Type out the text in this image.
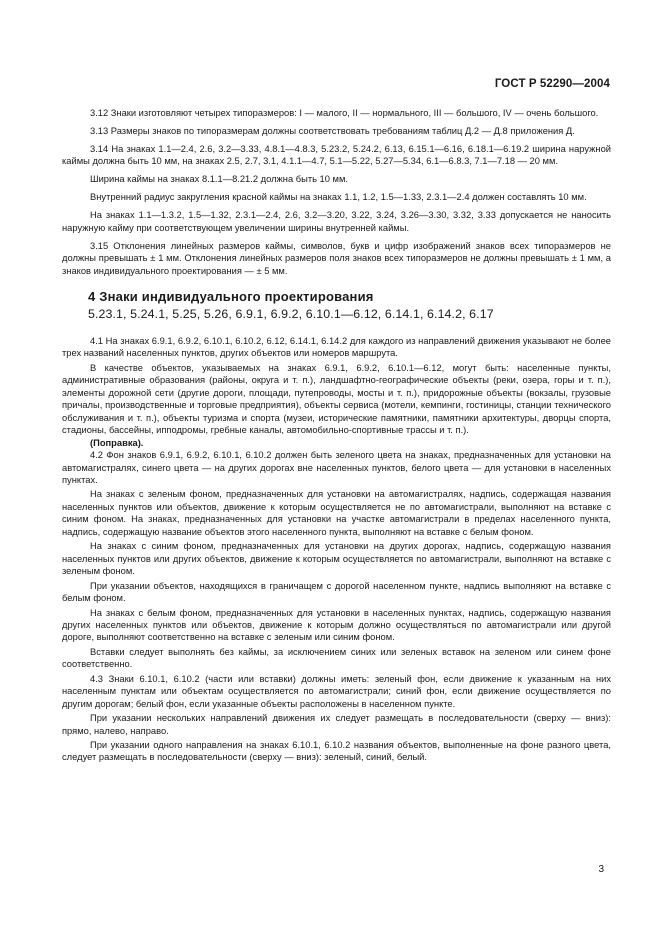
ГОСТ Р 52290—2004

3.12 Знаки изготовляют четырех типоразмеров: I — малого, II — нормального, III — большого, IV — очень большого.

3.13 Размеры знаков по типоразмерам должны соответствовать требованиям таблиц Д.2 — Д.8 приложения Д.

3.14 На знаках 1.1—2.4, 2.6, 3.2—3.33, 4.8.1—4.8.3, 5.23.2, 5.24.2, 6.13, 6.15.1—6.16, 6.18.1—6.19.2 ширина наружной каймы должна быть 10 мм, на знаках 2.5, 2.7, 3.1, 4.1.1—4.7, 5.1—5.22, 5.27—5.34, 6.1—6.8.3, 7.1—7.18 — 20 мм.

Ширина каймы на знаках 8.1.1—8.21.2 должна быть 10 мм.

Внутренний радиус закругления красной каймы на знаках 1.1, 1.2, 1.5—1.33, 2.3.1—2.4 должен составлять 10 мм.

На знаках 1.1—1.3.2, 1.5—1.32, 2.3.1—2.4, 2.6, 3.2—3.20, 3.22, 3.24, 3.26—3.30, 3.32, 3.33 допускается не наносить наружную кайму при соответствующем увеличении ширины внутренней каймы.

3.15 Отклонения линейных размеров каймы, символов, букв и цифр изображений знаков всех типоразмеров не должны превышать ± 1 мм. Отклонения линейных размеров поля знаков всех типоразмеров не должны превышать ± 1 мм, а знаков индивидуального проектирования — ± 5 мм.

4 Знаки индивидуального проектирования
5.23.1, 5.24.1, 5.25, 5.26, 6.9.1, 6.9.2, 6.10.1—6.12, 6.14.1, 6.14.2, 6.17

4.1 На знаках 6.9.1, 6.9.2, 6.10.1, 6.10.2, 6.12, 6.14.1, 6.14.2 для каждого из направлений движения указывают не более трех названий населенных пунктов, других объектов или номеров маршрута.

В качестве объектов, указываемых на знаках 6.9.1, 6.9.2, 6.10.1—6.12, могут быть: населенные пункты, административные образования (районы, округа и т. п.), ландшафтно-географические объекты (реки, озера, горы и т. п.), элементы дорожной сети (другие дороги, площади, путепроводы, мосты и т. п.), придорожные объекты (вокзалы, грузовые причалы, производственные и торговые предприятия), объекты сервиса (мотели, кемпинги, гостиницы, станции технического обслуживания и т. п.), объекты туризма и спорта (музеи, исторические памятники, памятники архитектуры, дворцы спорта, стадионы, бассейны, ипподромы, гребные каналы, автомобильно-спортивные трассы и т. п.).

(Поправка).

4.2 Фон знаков 6.9.1, 6.9.2, 6.10.1, 6.10.2 должен быть зеленого цвета на знаках, предназначенных для установки на автомагистралях, синего цвета — на других дорогах вне населенных пунктов, белого цвета — для установки в населенных пунктах.

На знаках с зеленым фоном, предназначенных для установки на автомагистралях, надпись, содержащая названия населенных пунктов или объектов, движение к которым осуществляется не по автомагистрали, выполняют на вставке с синим фоном. На знаках, предназначенных для установки на участке автомагистрали в пределах населенного пункта, надпись, содержащую название объектов этого населенного пункта, выполняют на вставке с белым фоном.

На знаках с синим фоном, предназначенных для установки на других дорогах, надпись, содержащую названия населенных пунктов или других объектов, движение к которым осуществляется по автомагистрали, выполняют на вставке с зеленым фоном.

При указании объектов, находящихся в граничащем с дорогой населенном пункте, надпись выполняют на вставке с белым фоном.

На знаках с белым фоном, предназначенных для установки в населенных пунктах, надпись, содержащую названия других населенных пунктов или объектов, движение к которым должно осуществляться по автомагистрали или другой дороге, выполняют соответственно на вставке с зеленым или синим фоном.

Вставки следует выполнять без каймы, за исключением синих или зеленых вставок на зеленом или синем фоне соответственно.

4.3 Знаки 6.10.1, 6.10.2 (части или вставки) должны иметь: зеленый фон, если движение к указанным на них населенным пунктам или объектам осуществляется по автомагистрали; синий фон, если движение осуществляется по другим дорогам; белый фон, если указанные объекты расположены в населенном пункте.

При указании нескольких направлений движения их следует размещать в последовательности (сверху — вниз): прямо, налево, направо.

При указании одного направления на знаках 6.10.1, 6.10.2 названия объектов, выполненные на фоне разного цвета, следует размещать в последовательности (сверху — вниз): зеленый, синий, белый.

3
